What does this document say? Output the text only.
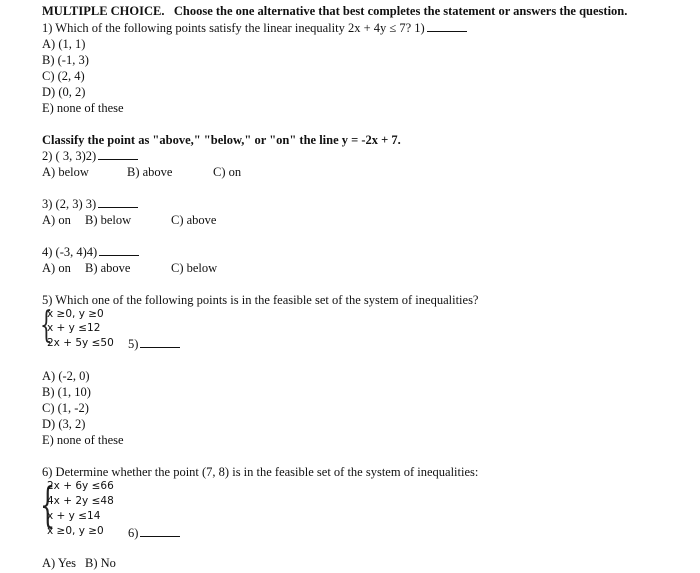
MULTIPLE CHOICE. Choose the one alternative that best completes the statement or answers the question.
1) Which of the following points satisfy the linear inequality 2x + 4y ≤ 7? 1)
A) (1, 1)
B) (-1, 3)
C) (2, 4)
D) (0, 2)
E) none of these
Classify the point as "above," "below," or "on" the line y = -2x + 7.
2) ( 3, 3)2)
A) below	B) above	C) on
3) (2, 3) 3)
A) on B) below	C) above
4) (-3, 4)4)
A) on B) above	C) below
5) Which one of the following points is in the feasible set of the system of inequalities?
{
x ≥0, y ≥0
x + y ≤12
2x + 5y ≤50 5)
A) (-2, 0)
B) (1, 10)
C) (1, -2)
D) (3, 2)
E) none of these
6) Determine whether the point (7, 8) is in the feasible set of the system of inequalities:
{
2x + 6y ≤66
4x + 2y ≤48
x + y ≤14
x ≥0, y ≥0 6)
A) Yes B) No
